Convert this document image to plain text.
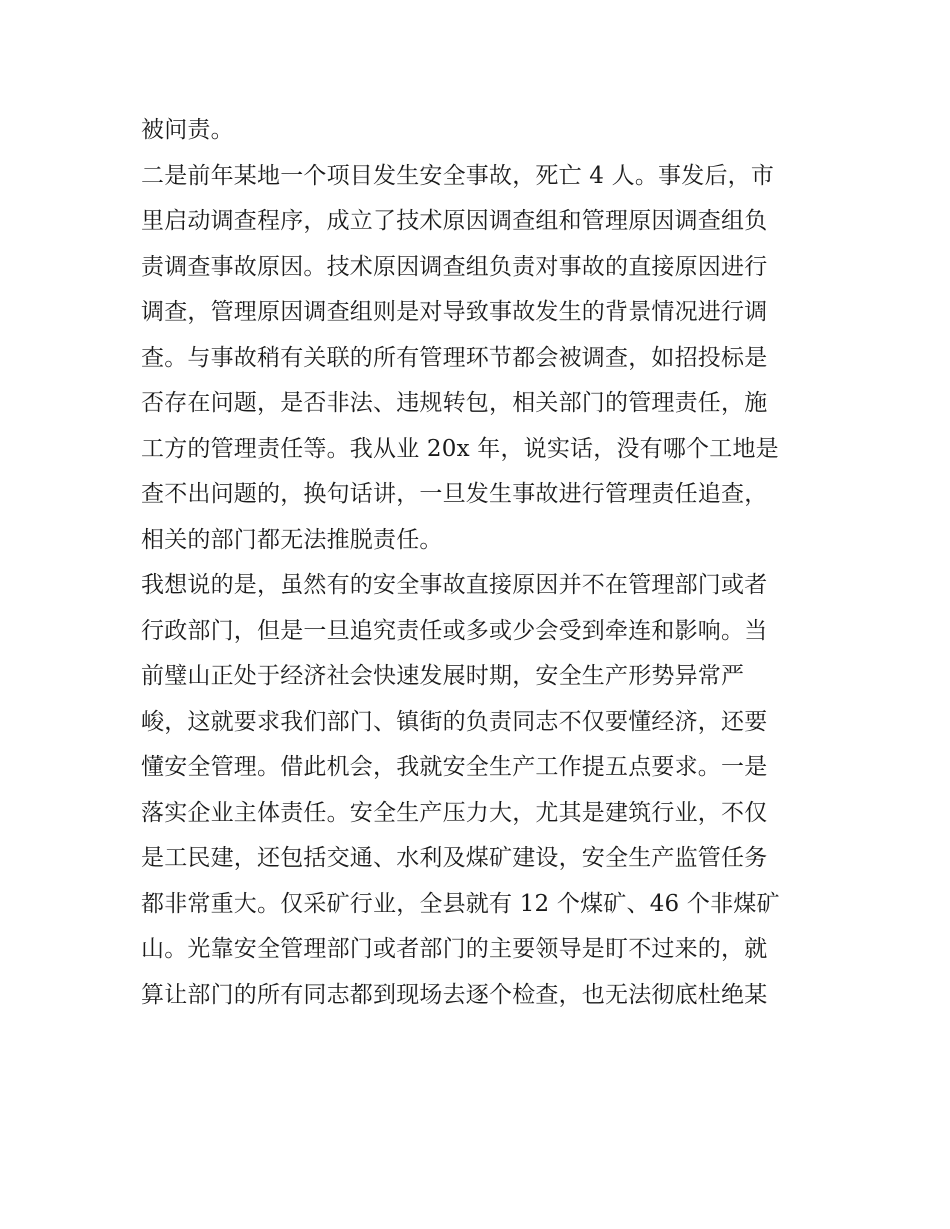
被问责。
二是前年某地一个项目发生安全事故，死亡 4 人。事发后，市
里启动调查程序，成立了技术原因调查组和管理原因调查组负
责调查事故原因。技术原因调查组负责对事故的直接原因进行
调查，管理原因调查组则是对导致事故发生的背景情况进行调
查。与事故稍有关联的所有管理环节都会被调查，如招投标是
否存在问题，是否非法、违规转包，相关部门的管理责任，施
工方的管理责任等。我从业 20x 年，说实话，没有哪个工地是
查不出问题的，换句话讲，一旦发生事故进行管理责任追查，
相关的部门都无法推脱责任。
我想说的是，虽然有的安全事故直接原因并不在管理部门或者
行政部门，但是一旦追究责任或多或少会受到牵连和影响。当
前璧山正处于经济社会快速发展时期，安全生产形势异常严
峻，这就要求我们部门、镇街的负责同志不仅要懂经济，还要
懂安全管理。借此机会，我就安全生产工作提五点要求。一是
落实企业主体责任。安全生产压力大，尤其是建筑行业，不仅
是工民建，还包括交通、水利及煤矿建设，安全生产监管任务
都非常重大。仅采矿行业，全县就有 12 个煤矿、46 个非煤矿
山。光靠安全管理部门或者部门的主要领导是盯不过来的，就
算让部门的所有同志都到现场去逐个检查，也无法彻底杜绝某
